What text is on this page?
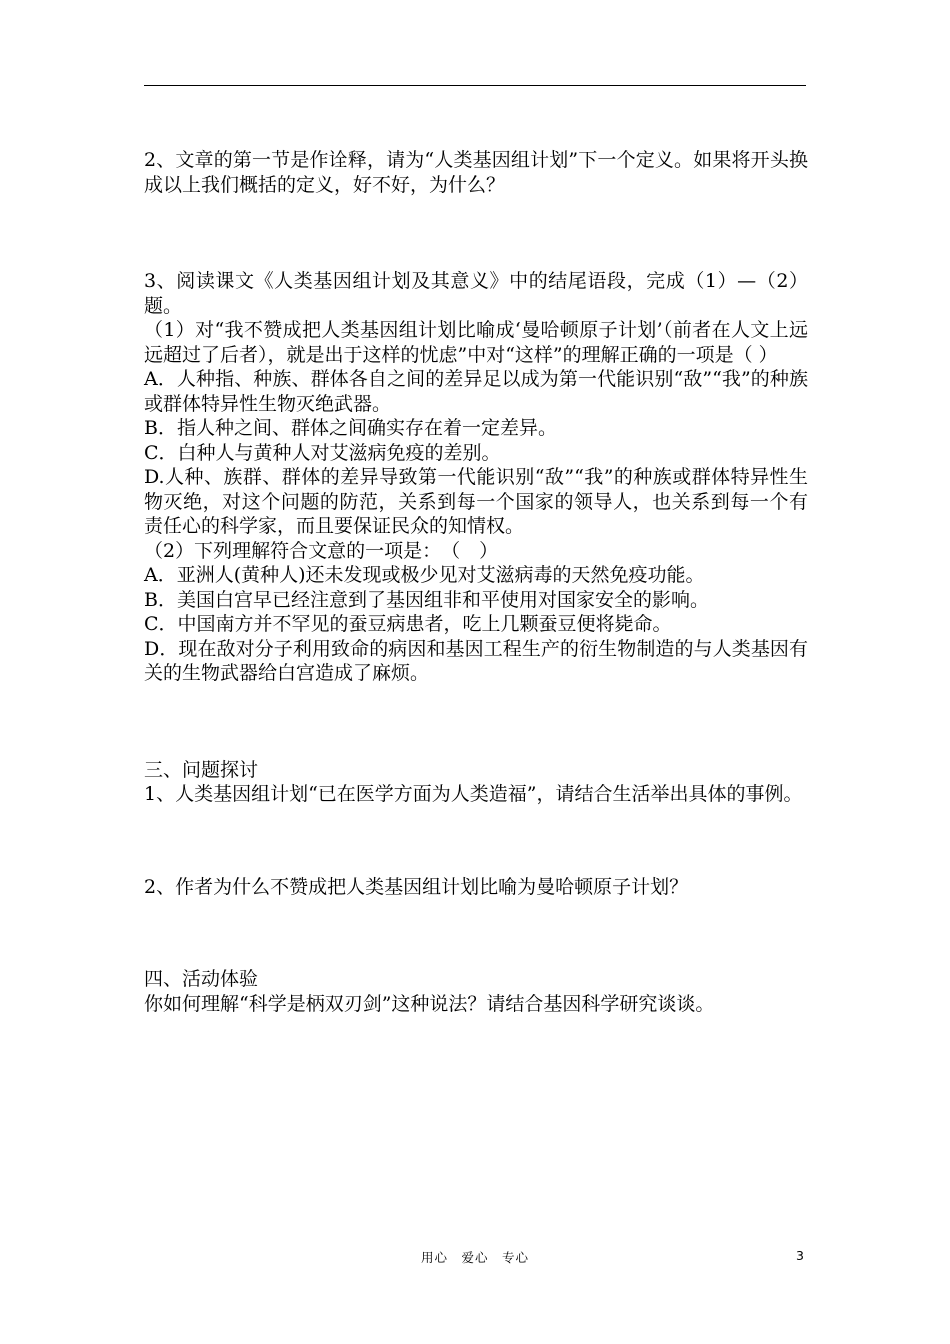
2、文章的第一节是作诠释，请为“人类基因组计划”下一个定义。如果将开头换成以上我们概括的定义，好不好，为什么？

3、阅读课文《人类基因组计划及其意义》中的结尾语段，完成（1）—（2）题。

（1）对“我不赞成把人类基因组计划比喻成‘曼哈顿原子计划’（前者在人文上远远超过了后者），就是出于这样的忧虑”中对“这样”的理解正确的一项是（ ）

A．人种指、种族、群体各自之间的差异足以成为第一代能识别“敌”“我”的种族或群体特异性生物灭绝武器。

B．指人种之间、群体之间确实存在着一定差异。

C．白种人与黄种人对艾滋病免疫的差别。

D.人种、族群、群体的差异导致第一代能识别“敌”“我”的种族或群体特异性生物灭绝，对这个问题的防范，关系到每一个国家的领导人，也关系到每一个有责任心的科学家，而且要保证民众的知情权。

（2）下列理解符合文意的一项是：　（　）

A．亚洲人(黄种人)还未发现或极少见对艾滋病毒的天然免疫功能。

B．美国白宫早已经注意到了基因组非和平使用对国家安全的影响。

C．中国南方并不罕见的蚕豆病患者，吃上几颗蚕豆便将毙命。

D．现在敌对分子利用致命的病因和基因工程生产的衍生物制造的与人类基因有关的生物武器给白宫造成了麻烦。

三、问题探讨

1、人类基因组计划“已在医学方面为人类造福”，请结合生活举出具体的事例。

2、作者为什么不赞成把人类基因组计划比喻为曼哈顿原子计划？

四、活动体验

你如何理解“科学是柄双刃剑”这种说法？请结合基因科学研究谈谈。

用心　爱心　专心	3
